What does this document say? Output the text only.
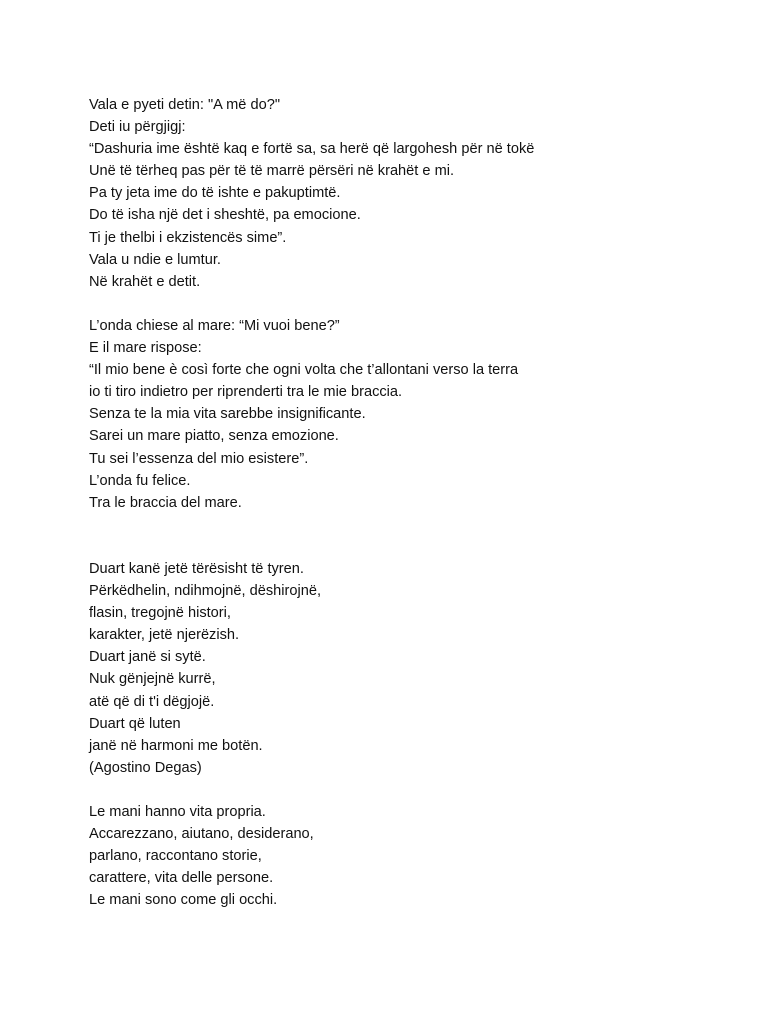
Vala e pyeti detin: "A më do?"
Deti iu përgjigj:
“Dashuria ime është kaq e fortë sa, sa herë që largohesh për në tokë
Unë të tërheq pas për të të marrë përsëri në krahët e mi.
Pa ty jeta ime do të ishte e pakuptimtë.
Do të isha një det i sheshtë, pa emocione.
Ti je thelbi i ekzistencës sime”.
Vala u ndie e lumtur.
Në krahët e detit.
L’onda chiese al mare: “Mi vuoi bene?”
E il mare rispose:
“Il mio bene è così forte che ogni volta che t’allontani verso la terra
io ti tiro indietro per riprenderti tra le mie braccia.
Senza te la mia vita sarebbe insignificante.
Sarei un mare piatto, senza emozione.
Tu sei l’essenza del mio esistere”.
L’onda fu felice.
Tra le braccia del mare.
Duart kanë jetë tërësisht të tyren.
Përkëdhelin, ndihmojnë, dëshirojnë,
flasin, tregojnë histori,
karakter, jetë njerëzish.
Duart janë si sytë.
Nuk gënjejnë kurrë,
atë që di t'i dëgjojë.
Duart që luten
janë në harmoni me botën.
(Agostino Degas)
Le mani hanno vita propria.
Accarezzano, aiutano, desiderano,
parlano, raccontano storie,
carattere, vita delle persone.
Le mani sono come gli occhi.
